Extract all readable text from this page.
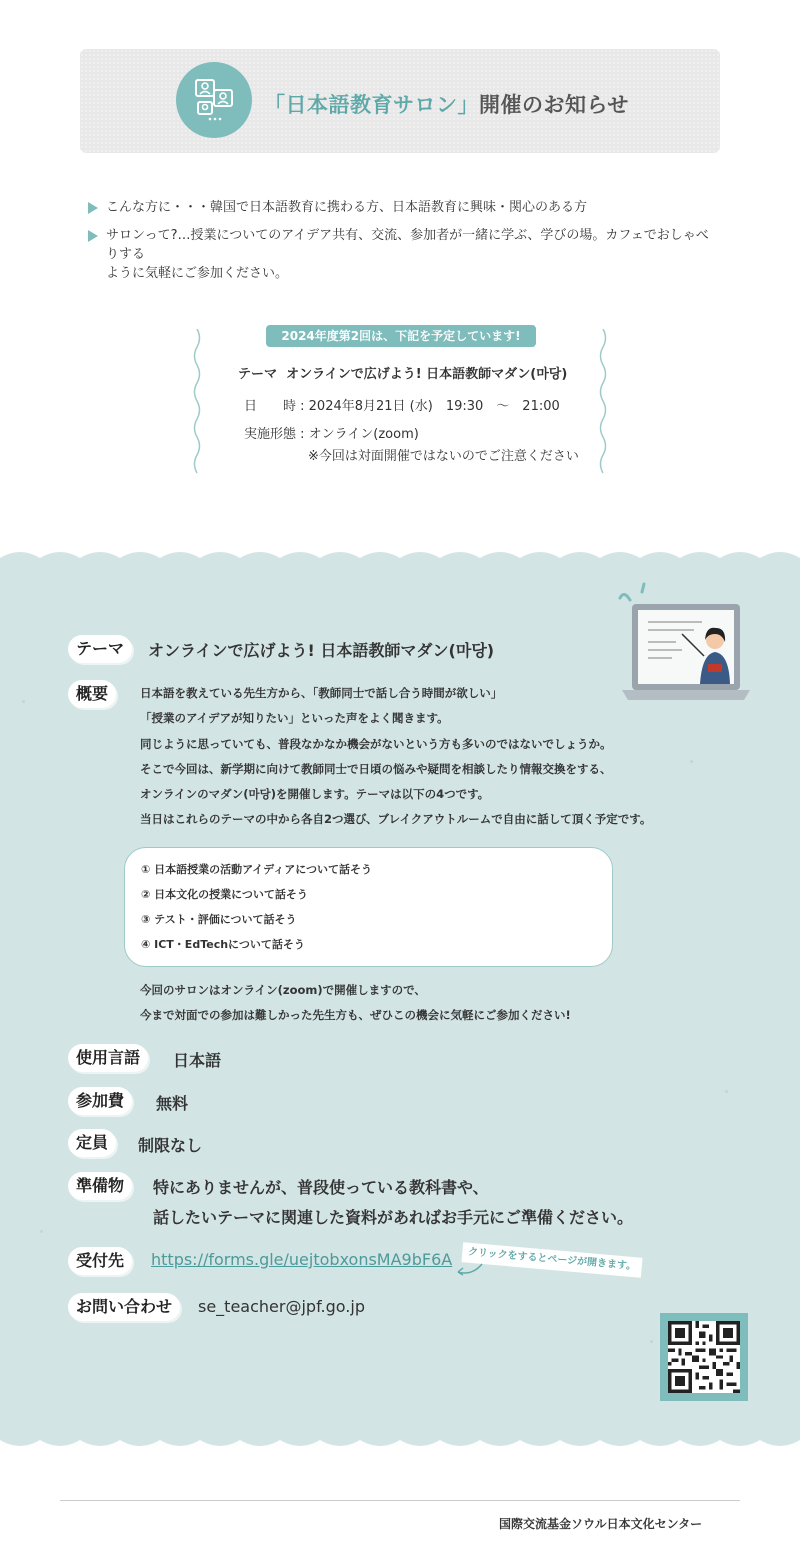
「日本語教育サロン」開催のお知らせ
こんな方に・・・韓国で日本語教育に携わる方、日本語教育に興味・関心のある方
サロンって?…授業についてのアイデア共有、交流、参加者が一緒に学ぶ、学びの場。カフェでおしゃべりする
ように気軽にご参加ください。
2024年度第2回は、下記を予定しています!
テーマ オンラインで広げよう! 日本語教師マダン(마당)
日　　時 : 2024年8月21日 (水)　19:30　～　21:00
実施形態 : オンライン(zoom)
※今回は対面開催ではないのでご注意ください
テーマ	オンラインで広げよう! 日本語教師マダン(마당)
概要	日本語を教えている先生方から、「教師同士で話し合う時間が欲しい」
「授業のアイデアが知りたい」といった声をよく聞きます。
同じように思っていても、普段なかなか機会がないという方も多いのではないでしょうか。
そこで今回は、新学期に向けて教師同士で日頃の悩みや疑問を相談したり情報交換をする、
オンラインのマダン(마당)を開催します。テーマは以下の4つです。
当日はこれらのテーマの中から各自2つ選び、ブレイクアウトルームで自由に話して頂く予定です。
① 日本語授業の活動アイディアについて話そう
② 日本文化の授業について話そう
③ テスト・評価について話そう
④ ICT・EdTechについて話そう
今回のサロンはオンライン(zoom)で開催しますので、
今まで対面での参加は難しかった先生方も、ぜひこの機会に気軽にご参加ください!
使用言語	日本語
参加費	無料
定員	制限なし
準備物	特にありませんが、普段使っている教科書や、
話したいテーマに関連した資料があればお手元にご準備ください。
受付先	https://forms.gle/uejtobxonsMA9bF6A	クリックをするとページが開きます。
お問い合わせ	se_teacher@jpf.go.jp
国際交流基金ソウル日本文化センター
